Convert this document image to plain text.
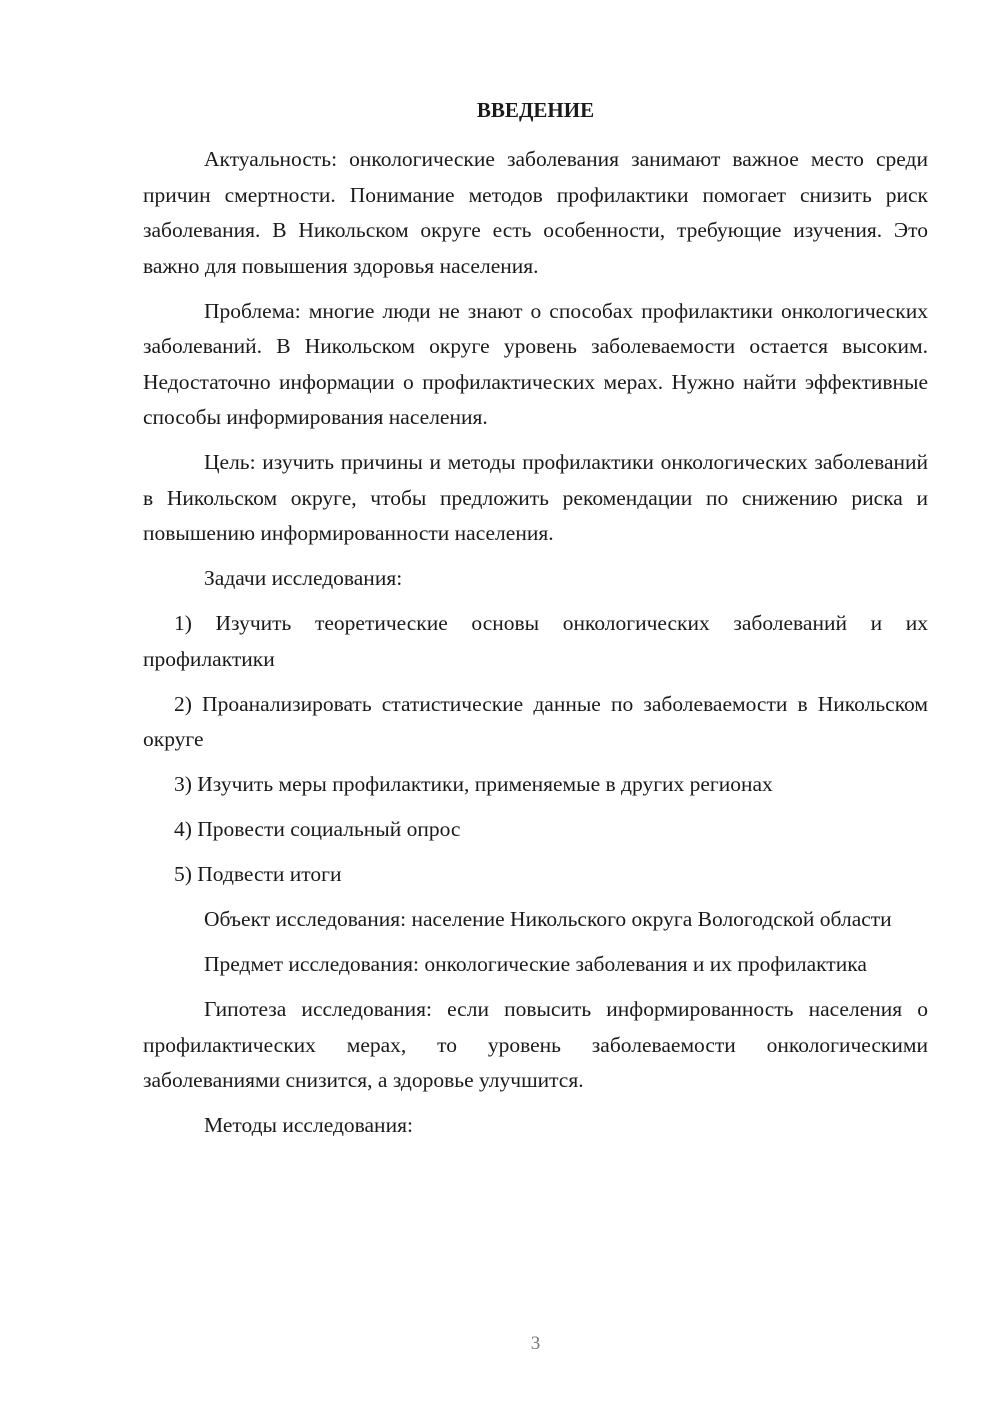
ВВЕДЕНИЕ

Актуальность: онкологические заболевания занимают важное место среди причин смертности. Понимание методов профилактики помогает снизить риск заболевания. В Никольском округе есть особенности, требующие изучения. Это важно для повышения здоровья населения.

Проблема: многие люди не знают о способах профилактики онкологических заболеваний. В Никольском округе уровень заболеваемости остается высоким. Недостаточно информации о профилактических мерах. Нужно найти эффективные способы информирования населения.

Цель: изучить причины и методы профилактики онкологических заболеваний в Никольском округе, чтобы предложить рекомендации по снижению риска и повышению информированности населения.

Задачи исследования:

1) Изучить теоретические основы онкологических заболеваний и их профилактики

2) Проанализировать статистические данные по заболеваемости в Никольском округе

3) Изучить меры профилактики, применяемые в других регионах

4) Провести социальный опрос

5) Подвести итоги

Объект исследования: население Никольского округа Вологодской области

Предмет исследования: онкологические заболевания и их профилактика

Гипотеза исследования: если повысить информированность населения о профилактических мерах, то уровень заболеваемости онкологическими заболеваниями снизится, а здоровье улучшится.

Методы исследования:

3
